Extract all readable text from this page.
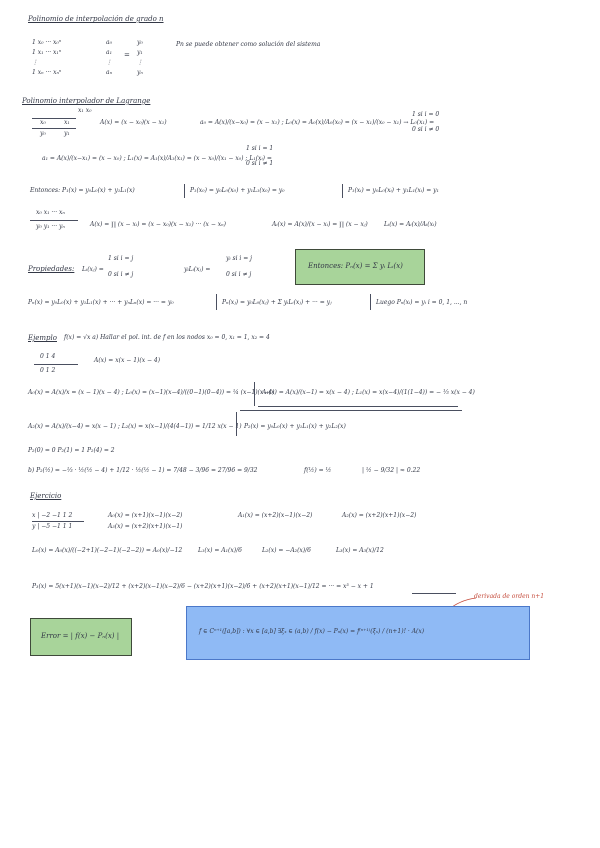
Polinomio de interpolación de grado n
1 x₀ ··· x₀ⁿ
1 x₁ ··· x₁ⁿ
⋮
1 xₙ ··· xₙⁿ
a₀
a₁
⋮
aₙ
=
y₀
y₁
⋮
yₙ
Pn se puede obtener como solución del sistema
Polinomio interpolador de Lagrange
x₁ x₀
x₀	x₁
y₀	y₁
A(x) = (x − x₀)(x − x₁)	a₀ = A(x)/(x−x₀) = (x − x₁) ; L₀(x) = A₀(x)/A₀(x₀) = (x − x₁)/(x₀ − x₁) → L₀(x₁) =
1 si i = 0
0 si i ≠ 0
a₁ = A(x)/(x−x₁) = (x − x₀) ; L₁(x) = A₁(x)/A₁(x₁) = (x − x₀)/(x₁ − x₀) ; L₁(xᵢ) =
1 si i = 1
0 si i ≠ 1
Entonces: P₁(x) = y₀L₀(x) + y₁L₁(x)	P₁(x₀) = y₀L₀(x₀) + y₁L₁(x₀) = y₀	P₁(xᵢ) = y₀L₀(xᵢ) + y₁L₁(xᵢ) = y₁
x₀ x₁ ··· xₙ
y₀ y₁ ··· yₙ	A(x) = ∏ (x − xᵢ) = (x − x₀)(x − x₁) ··· (x − xₙ)	Aᵢ(x) = A(x)/(x − xᵢ) = ∏ (x − xⱼ)	Lᵢ(x) = Aᵢ(x)/Aᵢ(xᵢ)
Propiedades: Lᵢ(xⱼ) =
1 si i = j
0 si i ≠ j
yᵢLᵢ(xⱼ) =
yᵢ si i = j
0 si i ≠ j
Entonces: Pₙ(x) = Σ yᵢ Lᵢ(x)
Pₙ(x) = y₀L₀(x) + y₁L₁(x) + ··· + yₙLₙ(x) = ··· = y₀	Pₙ(xⱼ) = y₀L₀(xⱼ) + Σ yᵢLᵢ(xⱼ) + ··· = yⱼ	Luego Pₙ(xᵢ) = yᵢ i = 0, 1, ..., n
Ejemplo f(x) = √x a) Hallar el pol. int. de f en los nodos x₀ = 0, x₁ = 1, x₂ = 4
0 1 4
0 1 2
A(x) = x(x − 1)(x − 4)
A₀(x) = A(x)/x = (x − 1)(x − 4) ; L₀(x) = (x−1)(x−4)/((0−1)(0−4)) = ¼ (x−1)(x−4)
A₁(x) = A(x)/(x−1) = x(x − 4) ; L₁(x) = x(x−4)/(1(1−4)) = − ⅓ x(x − 4)
A₂(x) = A(x)/(x−4) = x(x − 1) ; L₂(x) = x(x−1)/(4(4−1)) = 1/12 x(x − 1) P₂(x) = y₀L₀(x) + y₁L₁(x) + y₂L₂(x)
P₂(0) = 0 P₂(1) = 1 P₂(4) = 2
b) P₂(½) = −⅓ · ½(½ − 4) + 1/12 · ½(½ − 1) = 7/48 − 3/96 = 27/96 = 9/32	f(½) = ½	| ½ − 9/32 | ≈ 0.22
Ejercicio
x | −2 −1 1 2
y | −5 −1 1 1
A₀(x) = (x+1)(x−1)(x−2)	A₁(x) = (x+2)(x−1)(x−2)	A₂(x) = (x+2)(x+1)(x−2)
A₃(x) = (x+2)(x+1)(x−1)
L₀(x) = A₀(x)/((−2+1)(−2−1)(−2−2)) = A₀(x)/−12	L₁(x) = A₁(x)/6	L₂(x) = −A₂(x)/6	L₃(x) = A₃(x)/12
P₃(x) = 5(x+1)(x−1)(x−2)/12 + (x+2)(x−1)(x−2)/6 − (x+2)(x+1)(x−2)/6 + (x+2)(x+1)(x−1)/12 = ··· = x³ − x + 1
derivada de orden n+1
Error = | f(x) − Pₙ(x) |
f ∈ Cⁿ⁺¹([a,b]) : ∀x ∈ [a,b] ∃ξₓ ∈ (a,b) / f(x) − Pₙ(x) = f⁽ⁿ⁺¹⁾(ξₓ) / (n+1)! · A(x)
